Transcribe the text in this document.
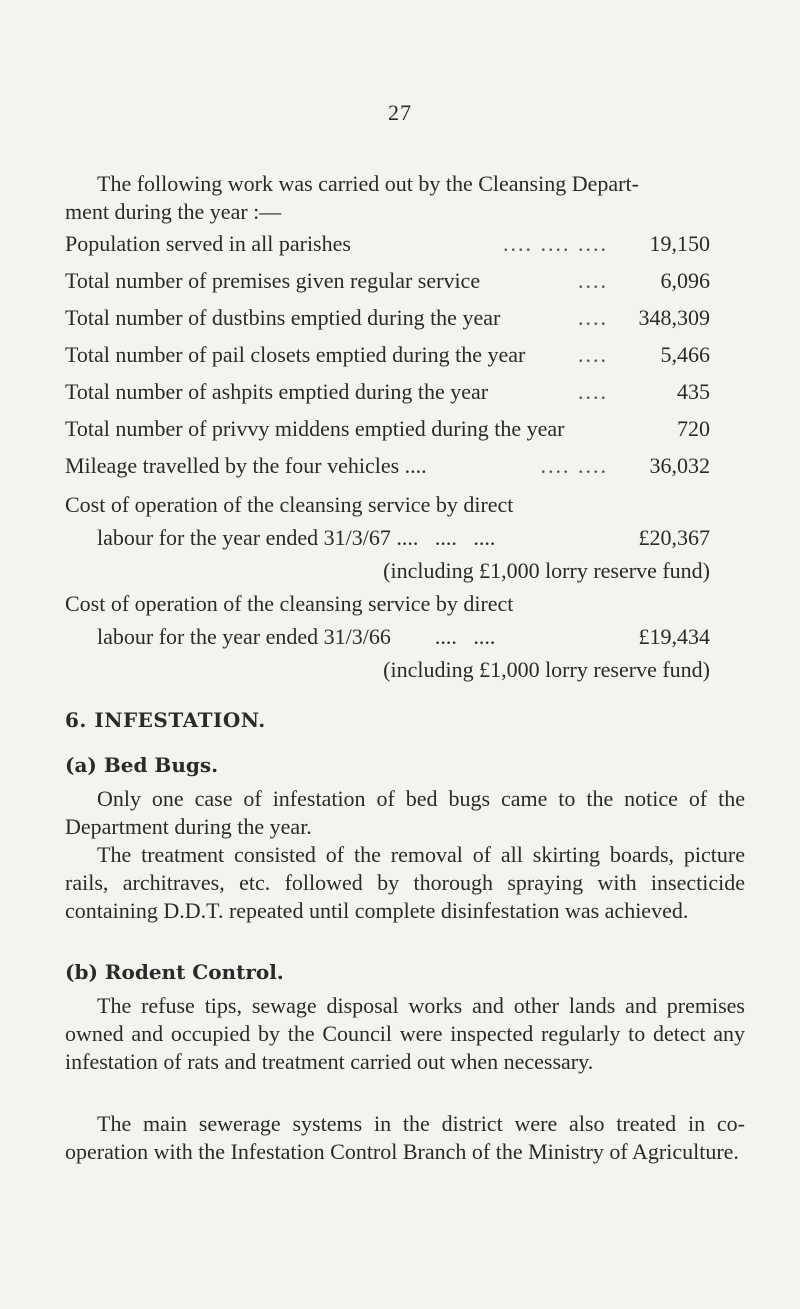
27
The following work was carried out by the Cleansing Depart-
ment during the year :—
Population served in all parishes	.... .... ....	19,150
Total number of premises given regular service	....	6,096
Total number of dustbins emptied during the year	....	348,309
Total number of pail closets emptied during the year	....	5,466
Total number of ashpits emptied during the year	....	435
Total number of privvy middens emptied during the year	720
Mileage travelled by the four vehicles ....	.... ....	36,032
Cost of operation of the cleansing service by direct
labour for the year ended 31/3/67 ....   ....   ....	£20,367
(including £1,000 lorry reserve fund)
Cost of operation of the cleansing service by direct
labour for the year ended 31/3/66        ....   ....	£19,434
(including £1,000 lorry reserve fund)
6. INFESTATION.
(a) Bed Bugs.
Only one case of infestation of bed bugs came to the notice of the Department during the year.
The treatment consisted of the removal of all skirting boards, picture rails, architraves, etc. followed by thorough spraying with insecticide containing D.D.T. repeated until complete disinfestation was achieved.
(b) Rodent Control.
The refuse tips, sewage disposal works and other lands and premises owned and occupied by the Council were inspected regularly to detect any infestation of rats and treatment carried out when necessary.
The main sewerage systems in the district were also treated in co-operation with the Infestation Control Branch of the Ministry of Agriculture.
